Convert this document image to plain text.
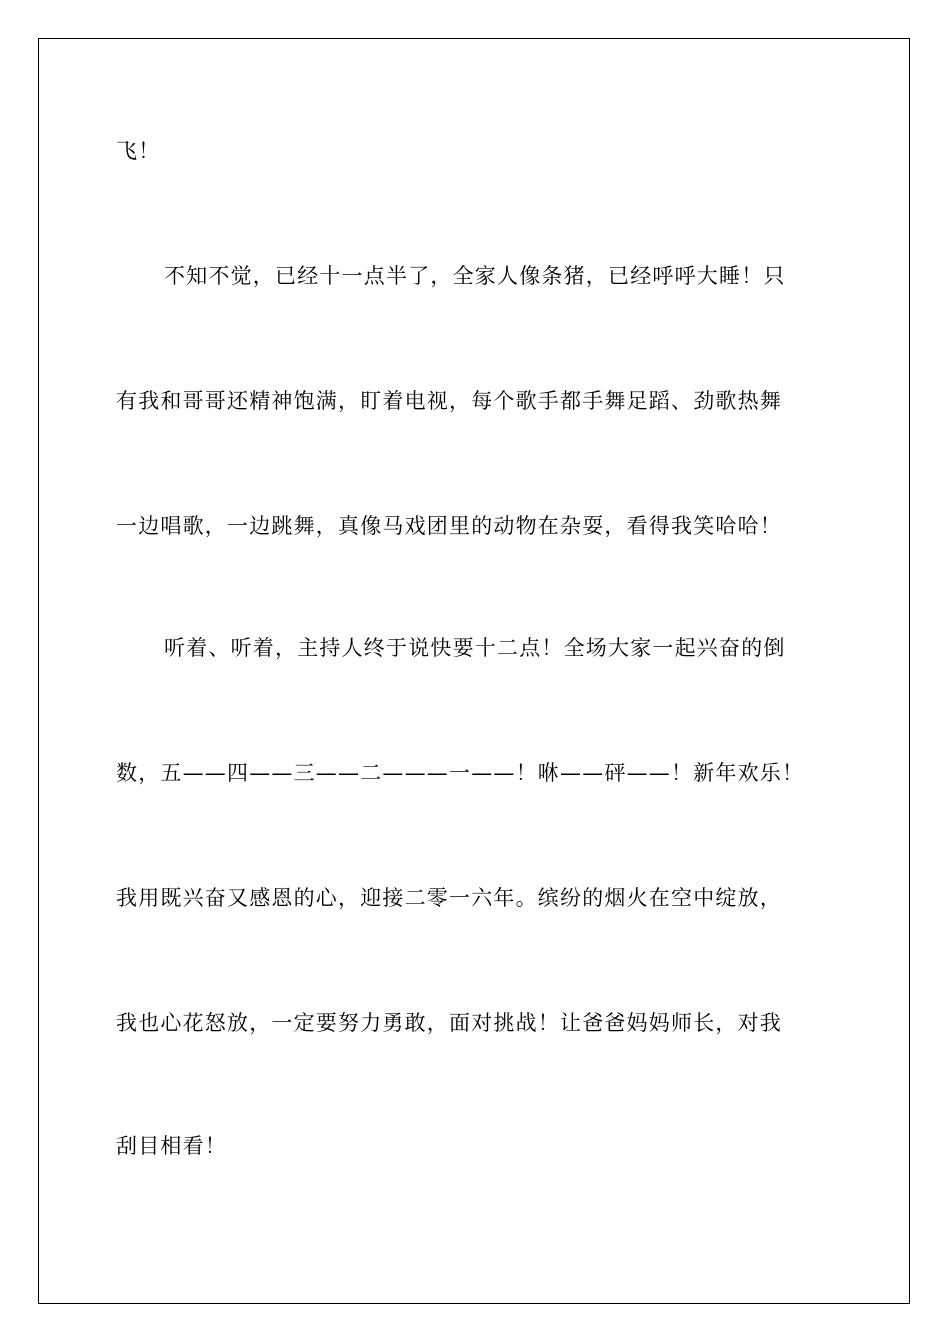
飞！
不知不觉，已经十一点半了，全家人像条猪，已经呼呼大睡！只
有我和哥哥还精神饱满，盯着电视，每个歌手都手舞足蹈、劲歌热舞
一边唱歌，一边跳舞，真像马戏团里的动物在杂耍，看得我笑哈哈！
听着、听着，主持人终于说快要十二点！全场大家一起兴奋的倒
数，五——四——三——二———一——！咻——砰——！新年欢乐！
我用既兴奋又感恩的心，迎接二零一六年。缤纷的烟火在空中绽放，
我也心花怒放，一定要努力勇敢，面对挑战！让爸爸妈妈师长，对我
刮目相看！
